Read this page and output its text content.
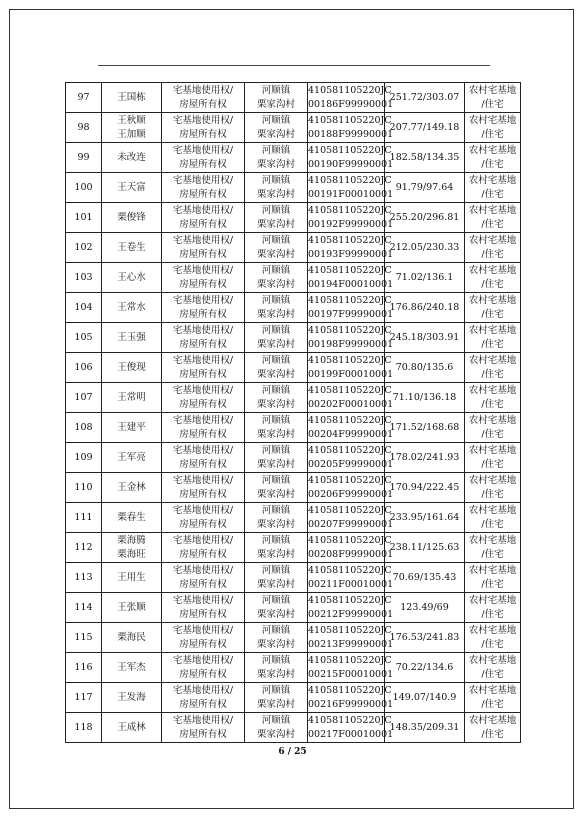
97	王国栋	宅基地使用权/
房屋所有权	河顺镇
栗家沟村	410581105220JC
00186F99990001	251.72/303.07	农村宅基地
/住宅

98	王秋顺
王加顺	宅基地使用权/
房屋所有权	河顺镇
栗家沟村	410581105220JC
00188F99990001	207.77/149.18	农村宅基地
/住宅

99	未改连	宅基地使用权/
房屋所有权	河顺镇
栗家沟村	410581105220JC
00190F99990001	182.58/134.35	农村宅基地
/住宅

100	王天富	宅基地使用权/
房屋所有权	河顺镇
栗家沟村	410581105220JC
00191F00010001	91.79/97.64	农村宅基地
/住宅

101	栗俊锋	宅基地使用权/
房屋所有权	河顺镇
栗家沟村	410581105220JC
00192F99990001	255.20/296.81	农村宅基地
/住宅

102	王卷生	宅基地使用权/
房屋所有权	河顺镇
栗家沟村	410581105220JC
00193F99990001	212.05/230.33	农村宅基地
/住宅

103	王心水	宅基地使用权/
房屋所有权	河顺镇
栗家沟村	410581105220JC
00194F00010001	71.02/136.1	农村宅基地
/住宅

104	王常水	宅基地使用权/
房屋所有权	河顺镇
栗家沟村	410581105220JC
00197F99990001	176.86/240.18	农村宅基地
/住宅

105	王玉强	宅基地使用权/
房屋所有权	河顺镇
栗家沟村	410581105220JC
00198F99990001	245.18/303.91	农村宅基地
/住宅

106	王俊现	宅基地使用权/
房屋所有权	河顺镇
栗家沟村	410581105220JC
00199F00010001	70.80/135.6	农村宅基地
/住宅

107	王常明	宅基地使用权/
房屋所有权	河顺镇
栗家沟村	410581105220JC
00202F00010001	71.10/136.18	农村宅基地
/住宅

108	王建平	宅基地使用权/
房屋所有权	河顺镇
栗家沟村	410581105220JC
00204F99990001	171.52/168.68	农村宅基地
/住宅

109	王军亮	宅基地使用权/
房屋所有权	河顺镇
栗家沟村	410581105220JC
00205F99990001	178.02/241.93	农村宅基地
/住宅

110	王金林	宅基地使用权/
房屋所有权	河顺镇
栗家沟村	410581105220JC
00206F99990001	170.94/222.45	农村宅基地
/住宅

111	栗春生	宅基地使用权/
房屋所有权	河顺镇
栗家沟村	410581105220JC
00207F99990001	233.95/161.64	农村宅基地
/住宅

112	栗海腾
栗海旺	宅基地使用权/
房屋所有权	河顺镇
栗家沟村	410581105220JC
00208F99990001	238.11/125.63	农村宅基地
/住宅

113	王用生	宅基地使用权/
房屋所有权	河顺镇
栗家沟村	410581105220JC
00211F00010001	70.69/135.43	农村宅基地
/住宅

114	王张顺	宅基地使用权/
房屋所有权	河顺镇
栗家沟村	410581105220JC
00212F99990001	123.49/69	农村宅基地
/住宅

115	栗海民	宅基地使用权/
房屋所有权	河顺镇
栗家沟村	410581105220JC
00213F99990001	176.53/241.83	农村宅基地
/住宅

116	王军杰	宅基地使用权/
房屋所有权	河顺镇
栗家沟村	410581105220JC
00215F00010001	70.22/134.6	农村宅基地
/住宅

117	王发海	宅基地使用权/
房屋所有权	河顺镇
栗家沟村	410581105220JC
00216F99990001	149.07/140.9	农村宅基地
/住宅

118	王成林	宅基地使用权/
房屋所有权	河顺镇
栗家沟村	410581105220JC
00217F00010001	148.35/209.31	农村宅基地
/住宅
6 / 25
